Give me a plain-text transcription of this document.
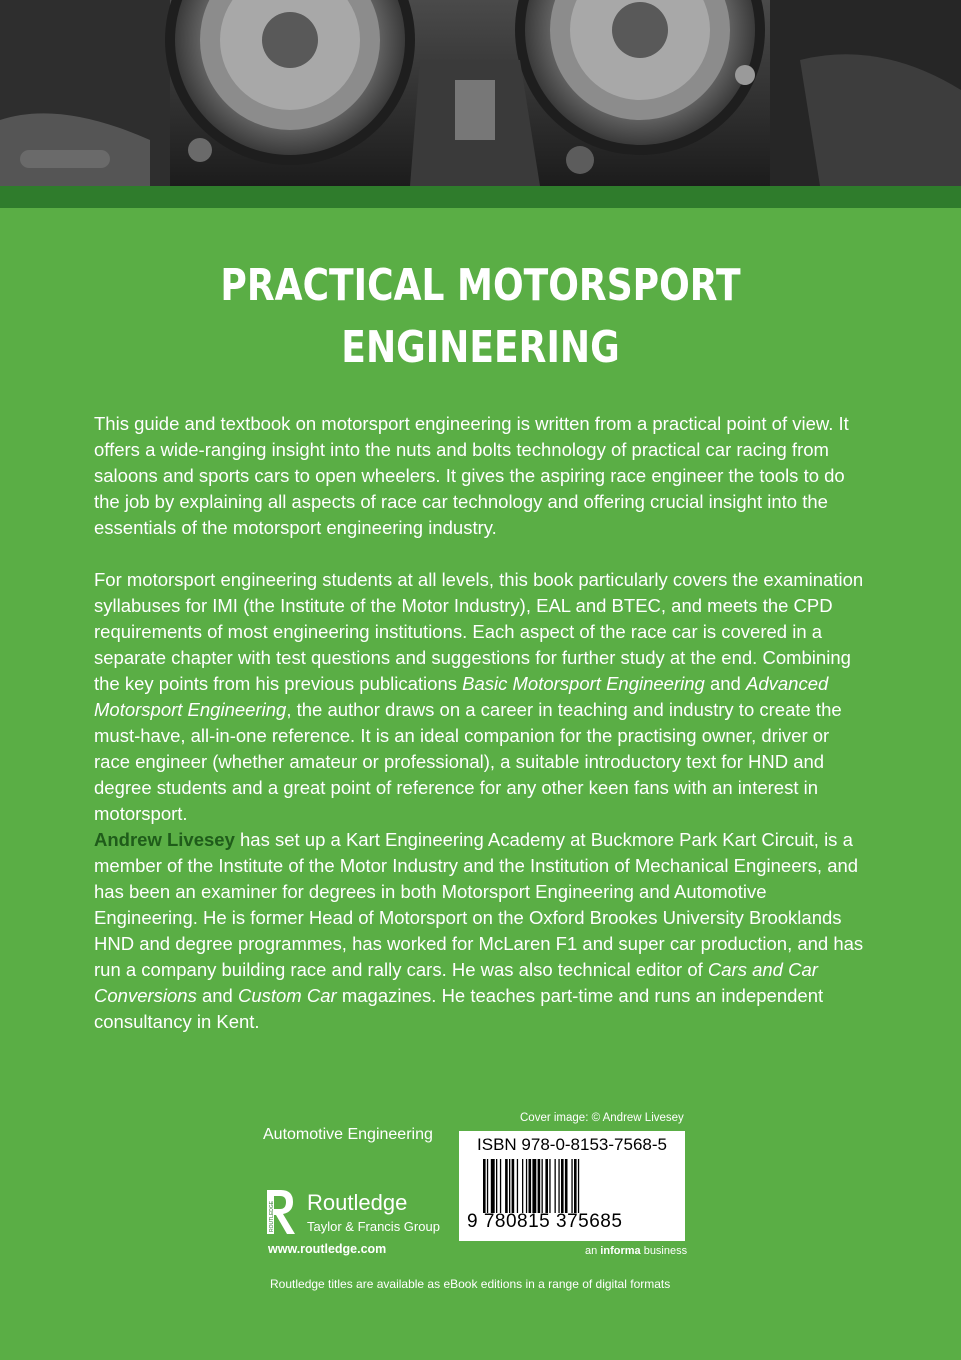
PRACTICAL MOTORSPORT
ENGINEERING

This guide and textbook on motorsport engineering is written from a practical point of view. It offers a wide-ranging insight into the nuts and bolts technology of practical car racing from saloons and sports cars to open wheelers. It gives the aspiring race engineer the tools to do the job by explaining all aspects of race car technology and offering crucial insight into the essentials of the motorsport engineering industry.

For motorsport engineering students at all levels, this book particularly covers the examination syllabuses for IMI (the Institute of the Motor Industry), EAL and BTEC, and meets the CPD requirements of most engineering institutions. Each aspect of the race car is covered in a separate chapter with test questions and suggestions for further study at the end. Combining the key points from his previous publications Basic Motorsport Engineering and Advanced Motorsport Engineering, the author draws on a career in teaching and industry to create the must-have, all-in-one reference. It is an ideal companion for the practising owner, driver or race engineer (whether amateur or professional), a suitable introductory text for HND and degree students and a great point of reference for any other keen fans with an interest in motorsport.

Andrew Livesey has set up a Kart Engineering Academy at Buckmore Park Kart Circuit, is a member of the Institute of the Motor Industry and the Institution of Mechanical Engineers, and has been an examiner for degrees in both Motorsport Engineering and Automotive Engineering. He is former Head of Motorsport on the Oxford Brookes University Brooklands HND and degree programmes, has worked for McLaren F1 and super car production, and has run a company building race and rally cars. He was also technical editor of Cars and Car Conversions and Custom Car magazines. He teaches part-time and runs an independent consultancy in Kent.

Automotive Engineering
ROUTLEDGE Routledge
Taylor & Francis Group
www.routledge.com
Cover image: © Andrew Livesey
ISBN 978-0-8153-7568-5
9 780815 375685
an informa business
Routledge titles are available as eBook editions in a range of digital formats
